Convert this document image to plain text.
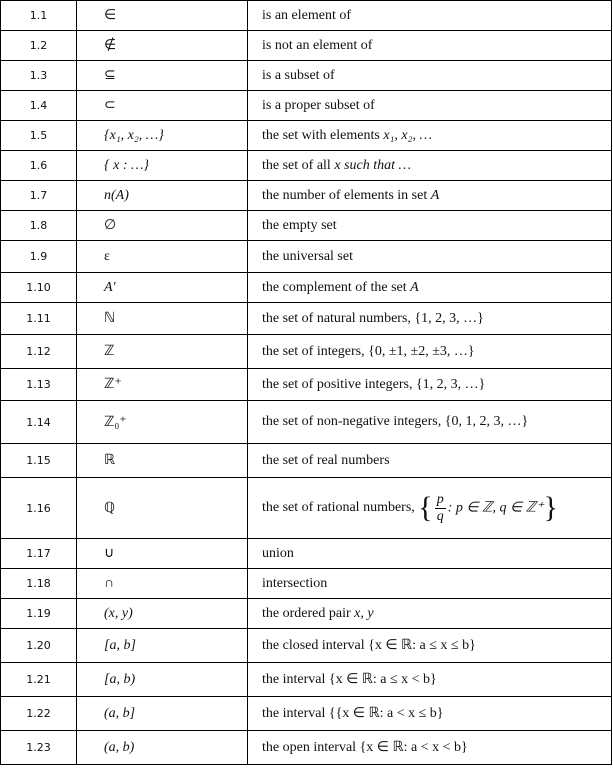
1.1	∈	is an element of
1.2	∉	is not an element of
1.3	⊆	is a subset of
1.4	⊂	is a proper subset of
1.5	{x₁, x₂, …}	the set with elements x₁, x₂, …
1.6	{ x : …}	the set of all x such that …
1.7	n(A)	the number of elements in set A
1.8	∅	the empty set
1.9	ε	the universal set
1.10	A′	the complement of the set A
1.11	ℕ	the set of natural numbers, {1, 2, 3, …}
1.12	ℤ	the set of integers, {0, ±1, ±2, ±3, …}
1.13	ℤ⁺	the set of positive integers, {1, 2, 3, …}
1.14	ℤ₀⁺	the set of non-negative integers, {0, 1, 2, 3, …}
1.15	ℝ	the set of real numbers
1.16	ℚ	the set of rational numbers, { $\frac{p}{q}$ : p ∈ ℤ, q ∈ ℤ⁺}
1.17	∪	union
1.18	∩	intersection
1.19	(x, y)	the ordered pair x, y
1.20	[a, b]	the closed interval {x ∈ ℝ: a ≤ x ≤ b}
1.21	[a, b)	the interval {x ∈ ℝ: a ≤ x < b}
1.22	(a, b]	the interval {{x ∈ ℝ: a < x ≤ b}
1.23	(a, b)	the open interval {x ∈ ℝ: a < x < b}
